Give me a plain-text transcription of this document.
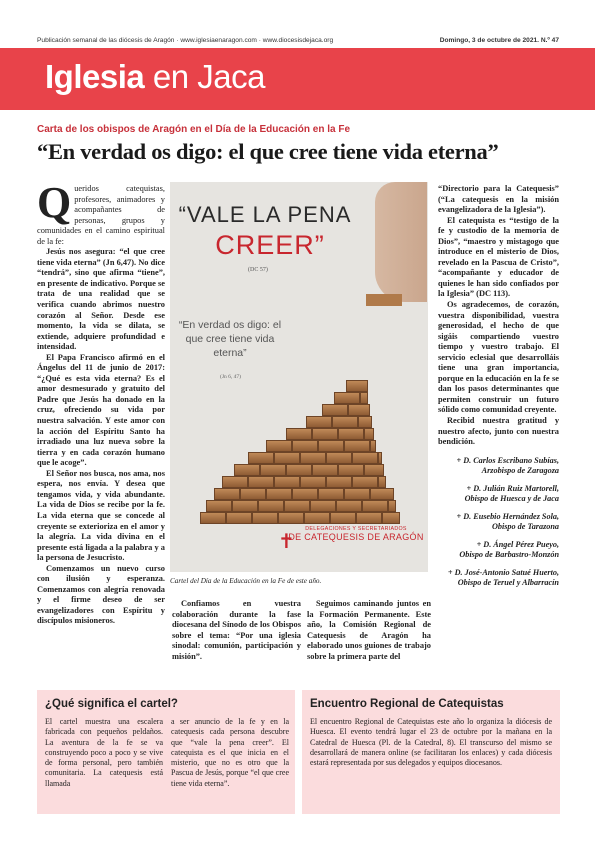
Publicación semanal de las diócesis de Aragón · www.iglesiaenaragon.com · www.diocesisdejaca.org	Domingo, 3 de octubre de 2021. N.º 47
Iglesia en Jaca
Carta de los obispos de Aragón en el Día de la Educación en la Fe
“En verdad os digo: el que cree tiene vida eterna”

Queridos catequistas, profesores, animadores y acompañantes de personas, grupos y comunidades en el camino espiritual de la fe:

Jesús nos asegura: “el que cree tiene vida eterna” (Jn 6,47). No dice “tendrá”, sino que afirma “tiene”, en presente de indicativo. Porque se trata de una realidad que se verifica cuando abrimos nuestro corazón al Señor. Desde ese momento, la vida se dilata, se extiende, adquiere profundidad e intensidad.

El Papa Francisco afirmó en el Ángelus del 11 de junio de 2017: “¿Qué es esta vida eterna? Es el amor desmesurado y gratuito del Padre que Jesús ha donado en la cruz, ofreciendo su vida por nuestra salvación. Y este amor con la acción del Espíritu Santo ha irradiado una luz nueva sobre la tierra y en cada corazón humano que le acoge”.

El Señor nos busca, nos ama, nos espera, nos envía. Y desea que tengamos vida, y vida abundante. La vida de Dios se recibe por la fe. La vida eterna que se concede al creyente se exterioriza en el amor y la alegría. La vida divina en el presente está ligada a la palabra y a la persona de Jesucristo.

Comenzamos un nuevo curso con ilusión y esperanza. Comenzamos con alegría renovada y el firme deseo de ser evangelizadores con Espíritu y discípulos misioneros.

“VALE LA PENA
CREER”
(DC 57)
“En verdad os digo: el que cree tiene vida eterna”
(Jn 6, 47)
✝	DELEGACIONES Y SECRETARIADOS
DE CATEQUESIS DE ARAGÓN
Cartel del Día de la Educación en la Fe de este año.

Confiamos en vuestra colaboración durante la fase diocesana del Sínodo de los Obispos sobre el tema: “Por una iglesia sinodal: comunión, participación y misión”.

Seguimos caminando juntos en la Formación Permanente. Este año, la Comisión Regional de Catequesis de Aragón ha elaborado unos guiones de trabajo sobre la primera parte del

“Directorio para la Catequesis” (“La catequesis en la misión evangelizadora de la Iglesia”).

El catequista es “testigo de la fe y custodio de la memoria de Dios”, “maestro y mistagogo que introduce en el misterio de Dios, revelado en la Pascua de Cristo”, “acompañante y educador de quienes le han sido confiados por la Iglesia” (DC 113).

Os agradecemos, de corazón, vuestra disponibilidad, vuestra generosidad, el hecho de que sigáis compartiendo vuestro tiempo y vuestro trabajo. El servicio eclesial que desarrolláis tiene una gran importancia, porque en la educación en la fe se dan los pasos determinantes que permiten construir un futuro sólido como comunidad creyente.

Recibid nuestra gratitud y nuestro afecto, junto con nuestra bendición.

+ D. Carlos Escribano Subías,
Arzobispo de Zaragoza
+ D. Julián Ruiz Martorell,
Obispo de Huesca y de Jaca
+ D. Eusebio Hernández Sola,
Obispo de Tarazona
+ D. Ángel Pérez Pueyo,
Obispo de Barbastro-Monzón
+ D. José-Antonio Satué Huerto,
Obispo de Teruel y Albarracín
¿Qué significa el cartel?
El cartel muestra una escalera fabricada con pequeños peldaños. La aventura de la fe se va construyendo poco a poco y se vive de forma personal, pero también comunitaria. La catequesis está llamada
a ser anuncio de la fe y en la catequesis cada persona descubre que “vale la pena creer”. El catequista es el que inicia en el misterio, que no es otro que la Pascua de Jesús, porque “el que cree tiene vida eterna”.
Encuentro Regional de Catequistas
El encuentro Regional de Catequistas este año lo organiza la diócesis de Huesca. El evento tendrá lugar el 23 de octubre por la mañana en la Catedral de Huesca (Pl. de la Catedral, 8). El transcurso del mismo se desarrollará de manera online (se facilitaran los enlaces) y cada diócesis estará representada por sus delegados y equipos diocesanos.
